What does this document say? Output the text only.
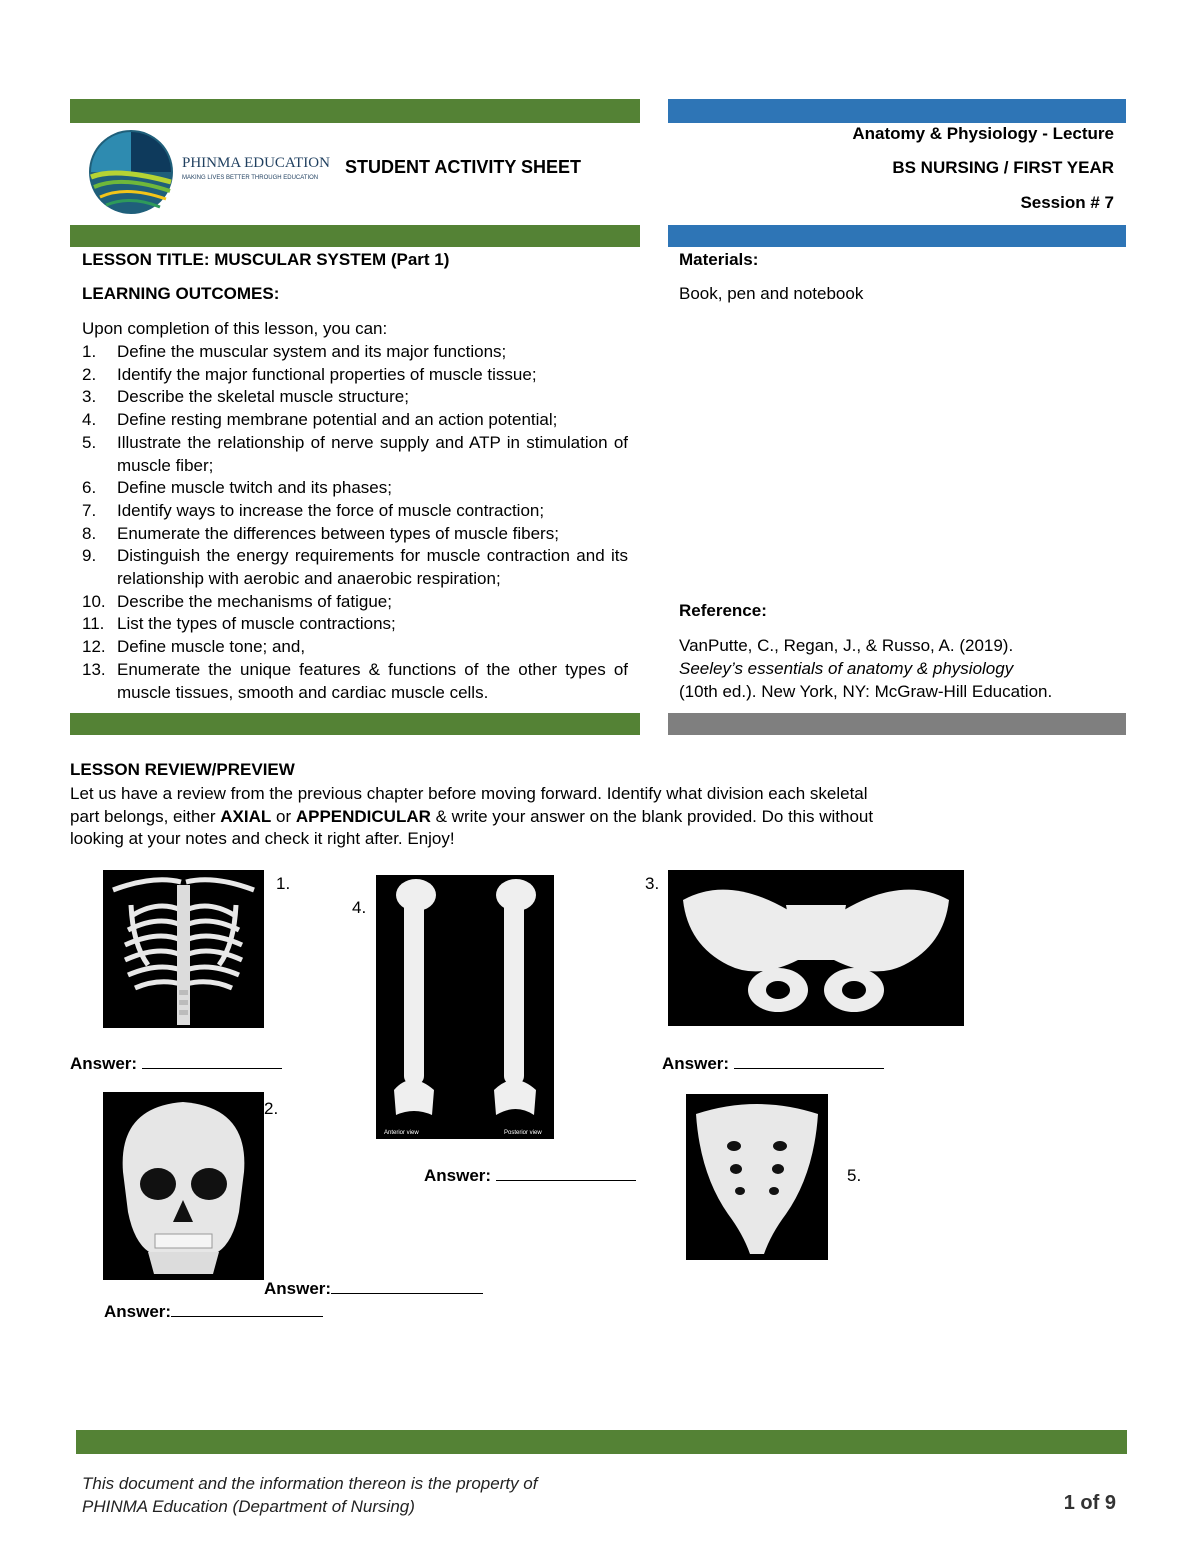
PHINMA EDUCATION
MAKING LIVES BETTER THROUGH EDUCATION
STUDENT ACTIVITY SHEET
Anatomy & Physiology - Lecture
BS NURSING / FIRST YEAR
Session # 7
LESSON TITLE: MUSCULAR SYSTEM (Part 1)
LEARNING OUTCOMES:
Upon completion of this lesson, you can:
1. Define the muscular system and its major functions;
2. Identify the major functional properties of muscle tissue;
3. Describe the skeletal muscle structure;
4. Define resting membrane potential and an action potential;
5. Illustrate the relationship of nerve supply and ATP in stimulation of muscle fiber;
6. Define muscle twitch and its phases;
7. Identify ways to increase the force of muscle contraction;
8. Enumerate the differences between types of muscle fibers;
9. Distinguish the energy requirements for muscle contraction and its relationship with aerobic and anaerobic respiration;
10. Describe the mechanisms of fatigue;
11. List the types of muscle contractions;
12. Define muscle tone; and,
13. Enumerate the unique features & functions of the other types of muscle tissues, smooth and cardiac muscle cells.
Materials:
Book, pen and notebook
Reference:
VanPutte, C., Regan, J., & Russo, A. (2019).
Seeley’s essentials of anatomy & physiology
(10th ed.). New York, NY: McGraw-Hill Education.
LESSON REVIEW/PREVIEW
Let us have a review from the previous chapter before moving forward. Identify what division each skeletal
part belongs, either AXIAL or APPENDICULAR & write your answer on the blank provided. Do this without
looking at your notes and check it right after. Enjoy!
1.
Answer:
4.
Anterior view	Posterior view
Answer:
3.
Answer:
2.
Answer:
Answer:
5.
This document and the information thereon is the property of
PHINMA Education (Department of Nursing)	1 of 9
